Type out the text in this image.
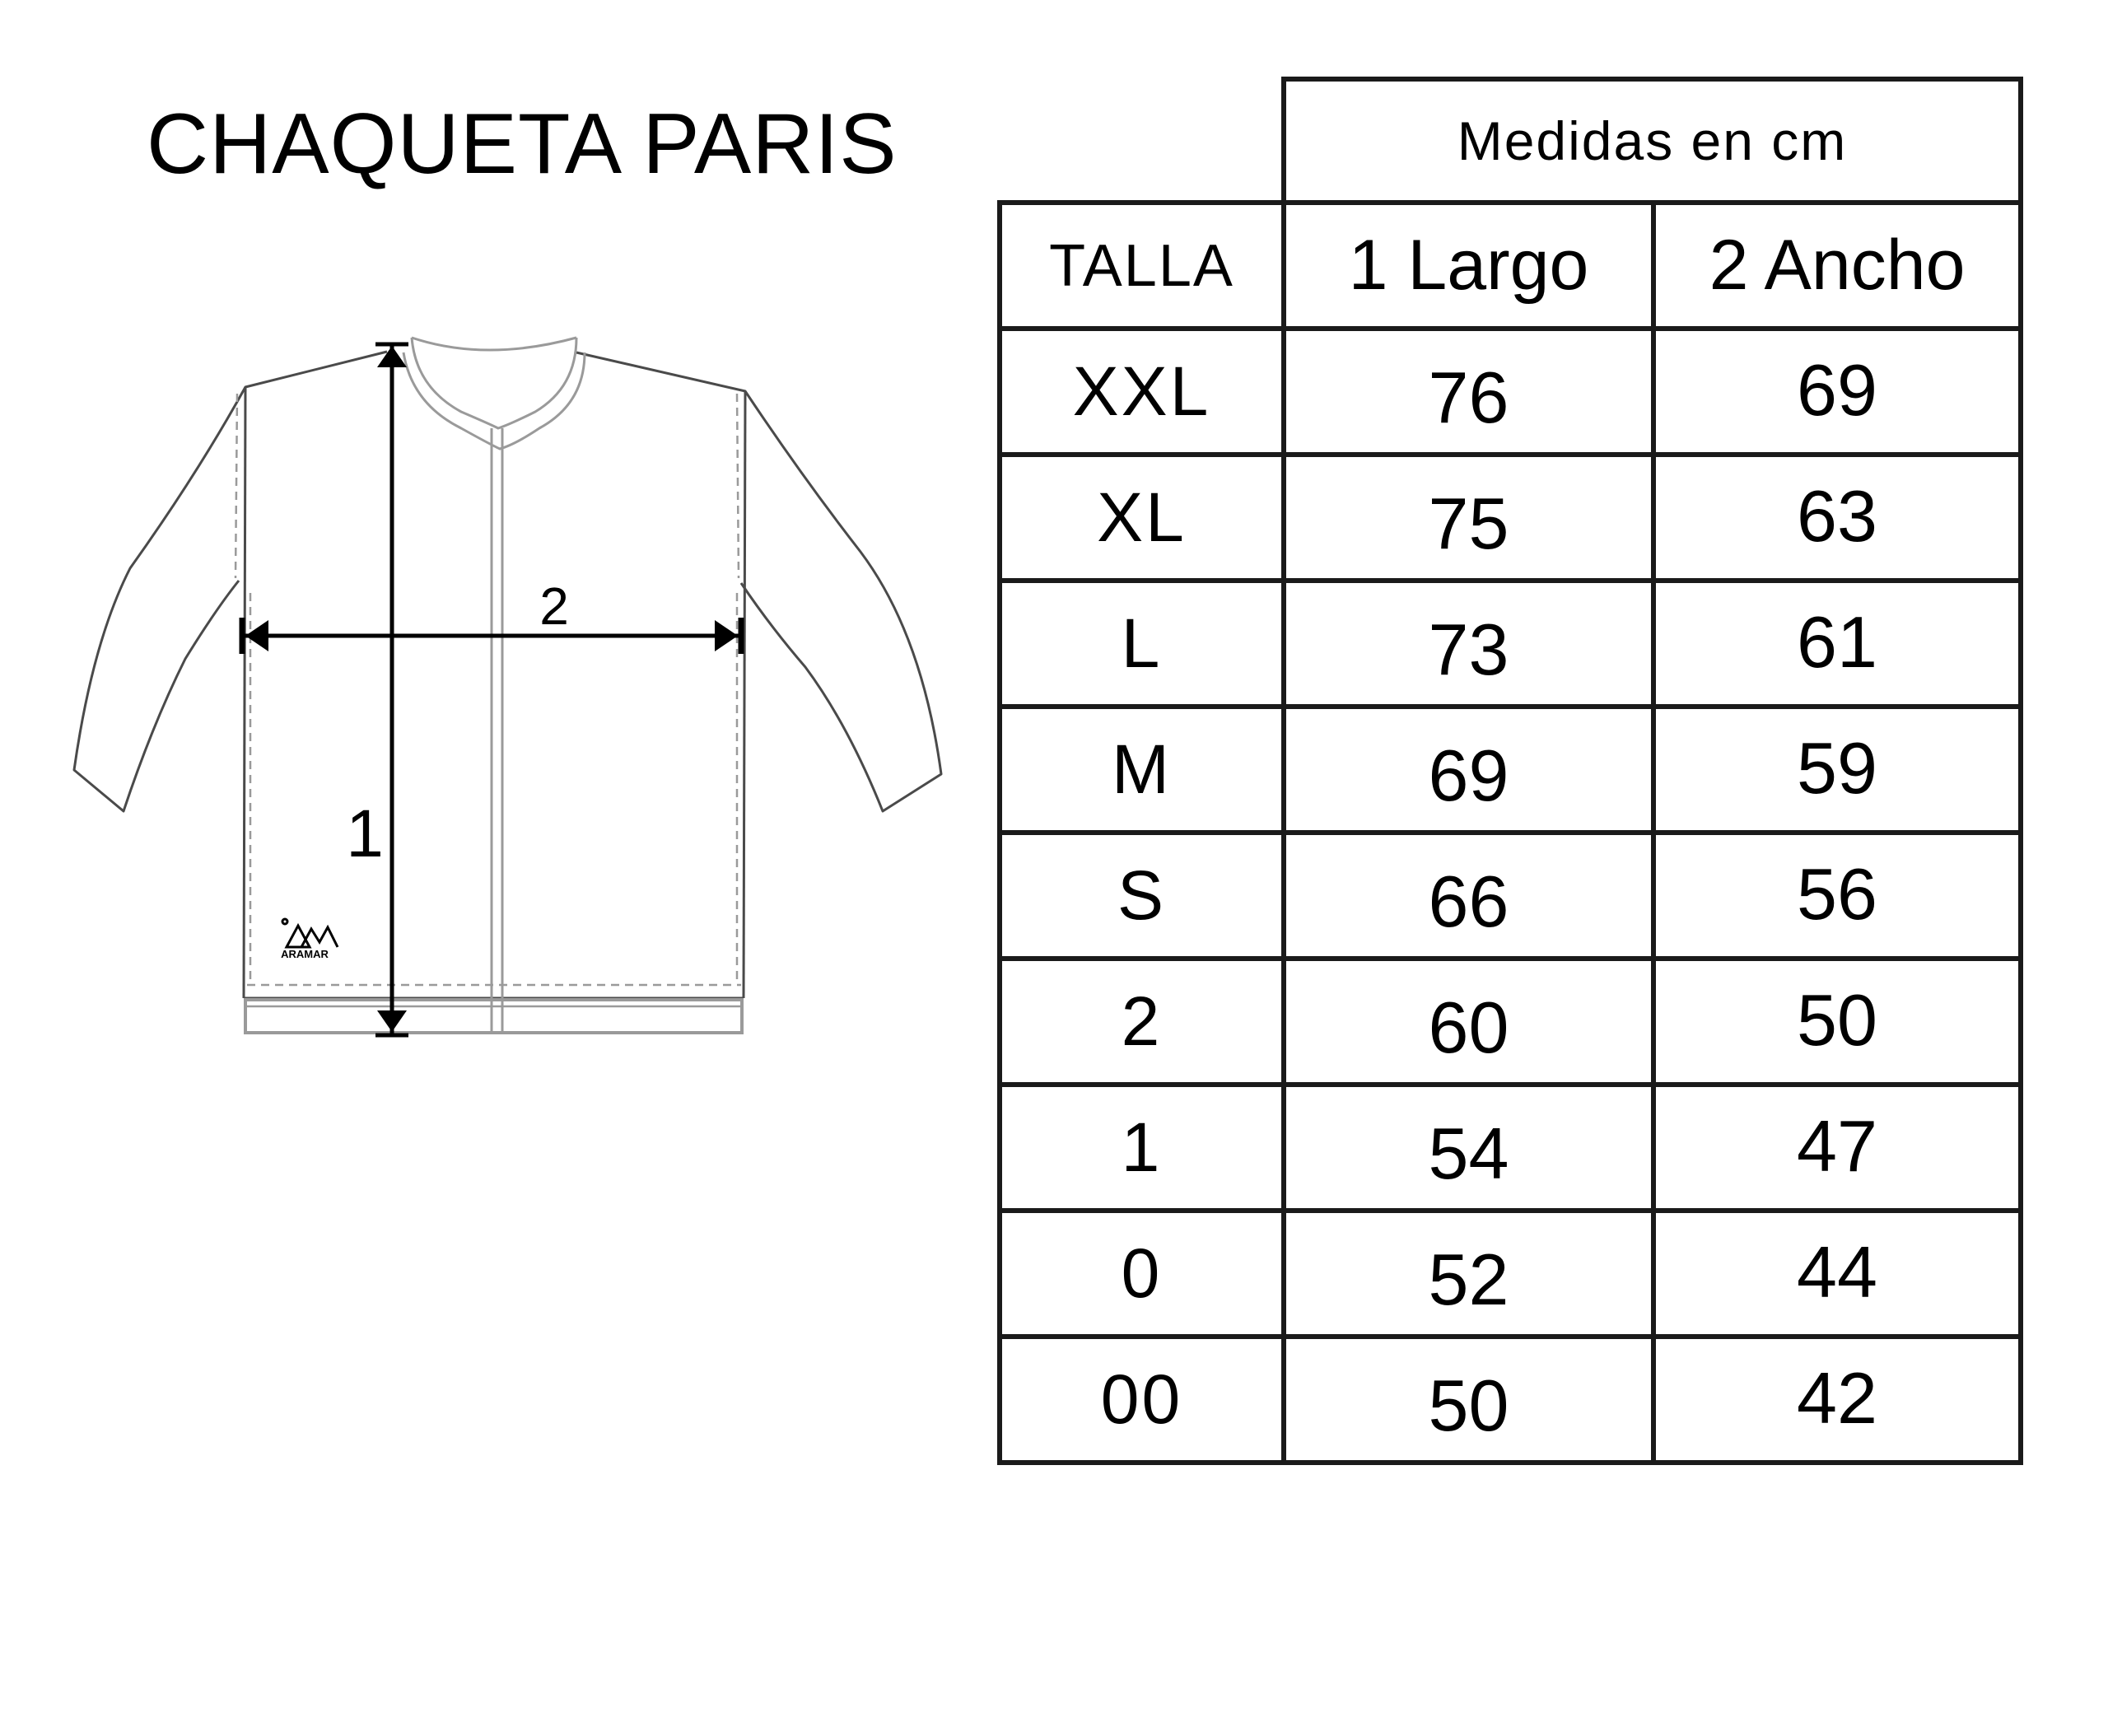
CHAQUETA PARIS
1
2
ARAMAR
Medidas en cm
TALLA	1 Largo	2 Ancho
XXL	76	69
XL	75	63
L	73	61
M	69	59
S	66	56
2	60	50
1	54	47
0	52	44
00	50	42
